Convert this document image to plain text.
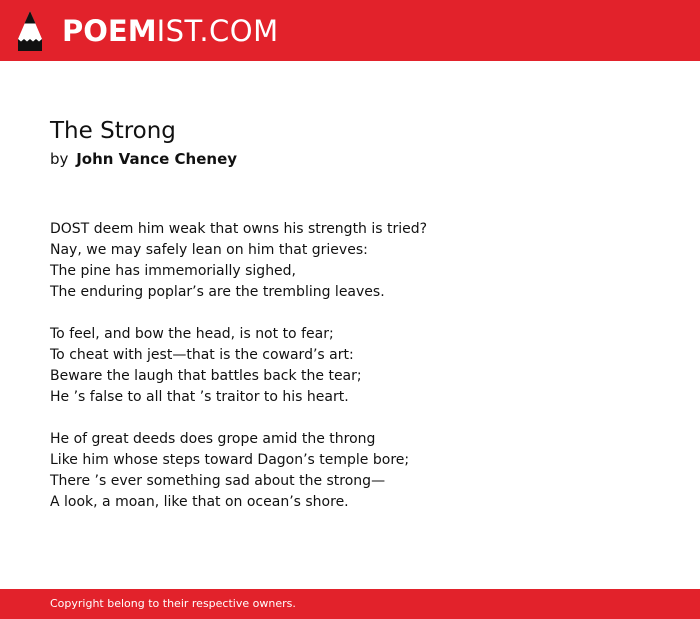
POEMIST.COM
The Strong
by John Vance Cheney
DOST deem him weak that owns his strength is tried?
Nay, we may safely lean on him that grieves:
The pine has immemorially sighed,
The enduring poplar’s are the trembling leaves.
To feel, and bow the head, is not to fear;
To cheat with jest—that is the coward’s art:
Beware the laugh that battles back the tear;
He ’s false to all that ’s traitor to his heart.
He of great deeds does grope amid the throng
Like him whose steps toward Dagon’s temple bore;
There ’s ever something sad about the strong—
A look, a moan, like that on ocean’s shore.
Copyright belong to their respective owners.
